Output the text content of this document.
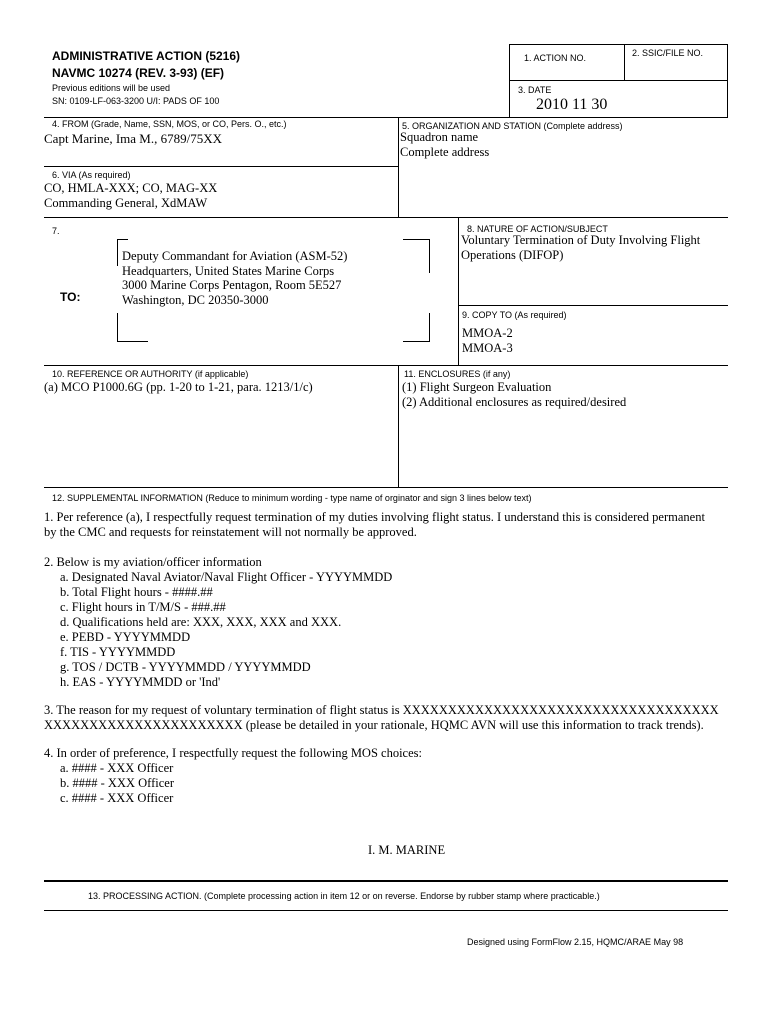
ADMINISTRATIVE ACTION (5216)
NAVMC 10274 (REV. 3-93) (EF)
Previous editions will be used
SN: 0109-LF-063-3200 U/I: PADS OF 100
1. ACTION NO.	2. SSIC/FILE NO.
3. DATE
2010 11 30
4. FROM (Grade, Name, SSN, MOS, or CO, Pers. O., etc.)
Capt Marine, Ima M., 6789/75XX
5. ORGANIZATION AND STATION (Complete address)
Squadron name
Complete address
6. VIA (As required)
CO, HMLA-XXX; CO, MAG-XX
Commanding General, XdMAW
7.
TO:
Deputy Commandant for Aviation (ASM-52)
Headquarters, United States Marine Corps
3000 Marine Corps Pentagon, Room 5E527
Washington, DC 20350-3000
8. NATURE OF ACTION/SUBJECT
Voluntary Termination of Duty Involving Flight
Operations (DIFOP)
9. COPY TO (As required)
MMOA-2
MMOA-3
10. REFERENCE OR AUTHORITY (if applicable)
(a) MCO P1000.6G (pp. 1-20 to 1-21, para. 1213/1/c)
11. ENCLOSURES (if any)
(1) Flight Surgeon Evaluation
(2) Additional enclosures as required/desired
12. SUPPLEMENTAL INFORMATION (Reduce to minimum wording - type name of orginator and sign 3 lines below text)
1. Per reference (a), I respectfully request termination of my duties involving flight status. I understand this is considered permanent
by the CMC and requests for reinstatement will not normally be approved.
2. Below is my aviation/officer information
a. Designated Naval Aviator/Naval Flight Officer - YYYYMMDD
b. Total Flight hours - ####.##
c. Flight hours in T/M/S - ###.##
d. Qualifications held are: XXX, XXX, XXX and XXX.
e. PEBD - YYYYMMDD
f. TIS - YYYYMMDD
g. TOS / DCTB - YYYYMMDD / YYYYMMDD
h. EAS - YYYYMMDD or 'Ind'
3. The reason for my request of voluntary termination of flight status is XXXXXXXXXXXXXXXXXXXXXXXXXXXXXXXXXXX
XXXXXXXXXXXXXXXXXXXXXX (please be detailed in your rationale, HQMC AVN will use this information to track trends).
4. In order of preference, I respectfully request the following MOS choices:
a. #### - XXX Officer
b. #### - XXX Officer
c. #### - XXX Officer
I. M. MARINE
13. PROCESSING ACTION. (Complete processing action in item 12 or on reverse. Endorse by rubber stamp where practicable.)
Designed using FormFlow 2.15, HQMC/ARAE May 98
